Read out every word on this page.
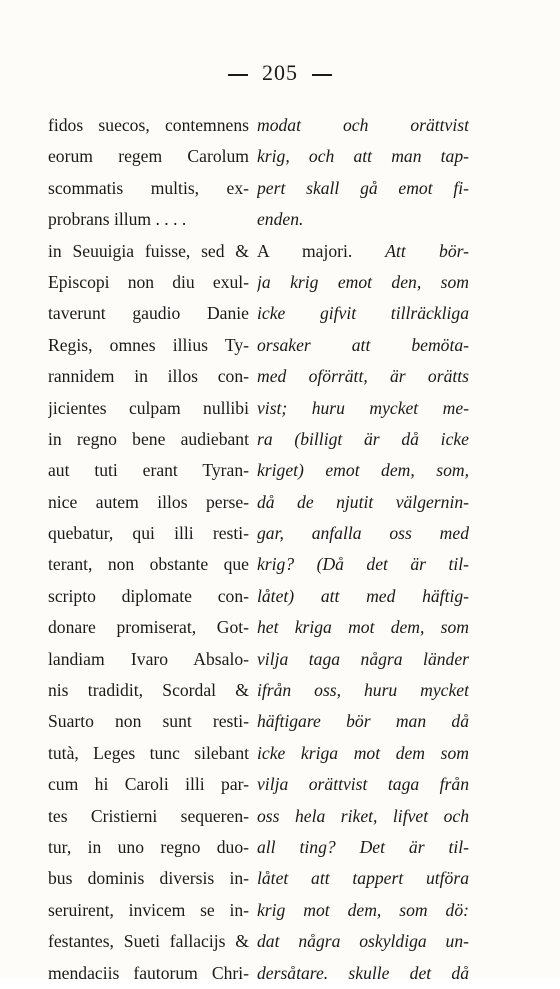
205
fidos suecos, contemnens
eorum regem Carolum
scommatis multis, ex-
probrans illum . . . .
in Seuuigia fuisse, sed &
Episcopi non diu exul-
taverunt gaudio Danie
Regis, omnes illius Ty-
rannidem in illos con-
jicientes culpam nullibi
in regno bene audiebant
aut tuti erant Tyran-
nice autem illos perse-
quebatur, qui illi resti-
terant, non obstante que
scripto diplomate con-
donare promiserat, Got-
landiam Ivaro Absalo-
nis tradidit, Scordal &
Suarto non sunt resti-
tutà, Leges tunc silebant
cum hi Caroli illi par-
tes Cristierni sequeren-
tur, in uno regno duo-
bus dominis diversis in-
seruirent, invicem se in-
festantes, Sueti fallacijs &
mendaciis fautorum Chri-
modat och orättvist
krig, och att man tap-
pert skall gå emot fi-
enden.
A majori. Att bör-
ja krig emot den, som
icke gifvit tillräckliga
orsaker att bemöta-
med oförrätt, är orätts
vist; huru mycket me-
ra (billigt är då icke
kriget) emot dem, som,
då de njutit välgernin-
gar, anfalla oss med
krig? (Då det är til-
låtet) att med häftig-
het kriga mot dem, som
vilja taga några länder
ifrån oss, huru mycket
häftigare bör man då
icke kriga mot dem som
vilja orättvist taga från
oss hela riket, lifvet och
all ting? Det är til-
låtet att tappert utföra
krig mot dem, som dö:
dat några oskyldiga un-
dersåtare. skulle det då
